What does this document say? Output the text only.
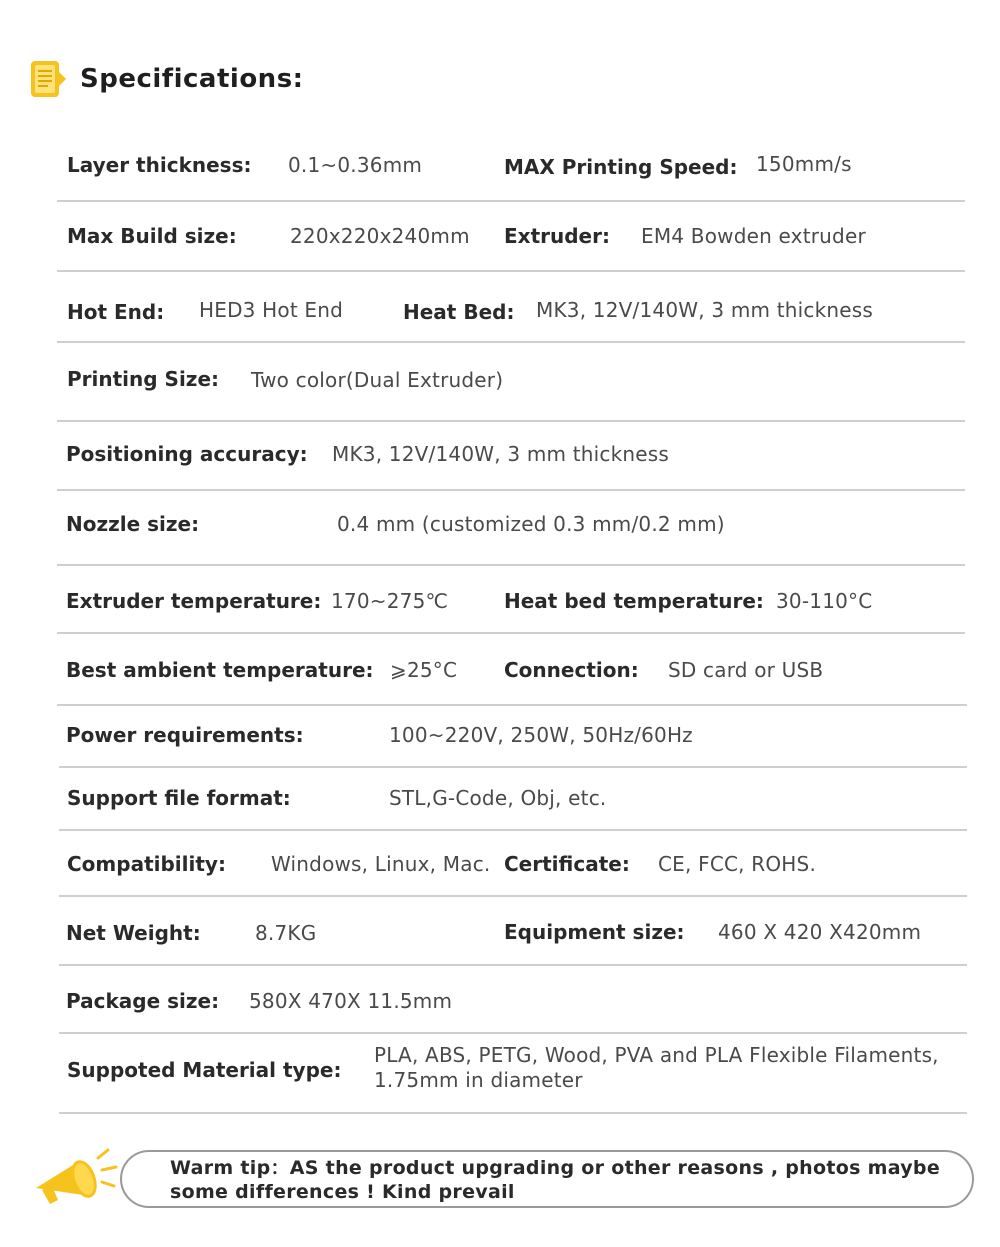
Specifications:
Layer thickness: 0.1~0.36mm	MAX Printing Speed: 150mm/s
Max Build size:	220x220x240mm Extruder: EM4 Bowden extruder
Hot End: HED3 Hot End	Heat Bed: MK3, 12V/140W, 3 mm thickness
Printing Size: Two color(Dual Extruder)
Positioning accuracy: MK3, 12V/140W, 3 mm thickness
Nozzle size:	0.4 mm (customized 0.3 mm/0.2 mm)
Extruder temperature: 170~275℃	Heat bed temperature: 30-110°C
Best ambient temperature: ⩾25°C Connection: SD card or USB
Power requirements:	100~220V, 250W, 50Hz/60Hz
Support file format:	STL,G-Code, Obj, etc.
Compatibility: Windows, Linux, Mac. Certificate: CE, FCC, ROHS.
Net Weight:	8.7KG	Equipment size: 460 X 420 X420mm
Package size: 580X 470X 11.5mm
Suppoted Material type:
PLA, ABS, PETG, Wood, PVA and PLA Flexible Filaments, 1.75mm in diameter
Warm tip：AS the product upgrading or other reasons , photos maybe some differences ! Kind prevail
